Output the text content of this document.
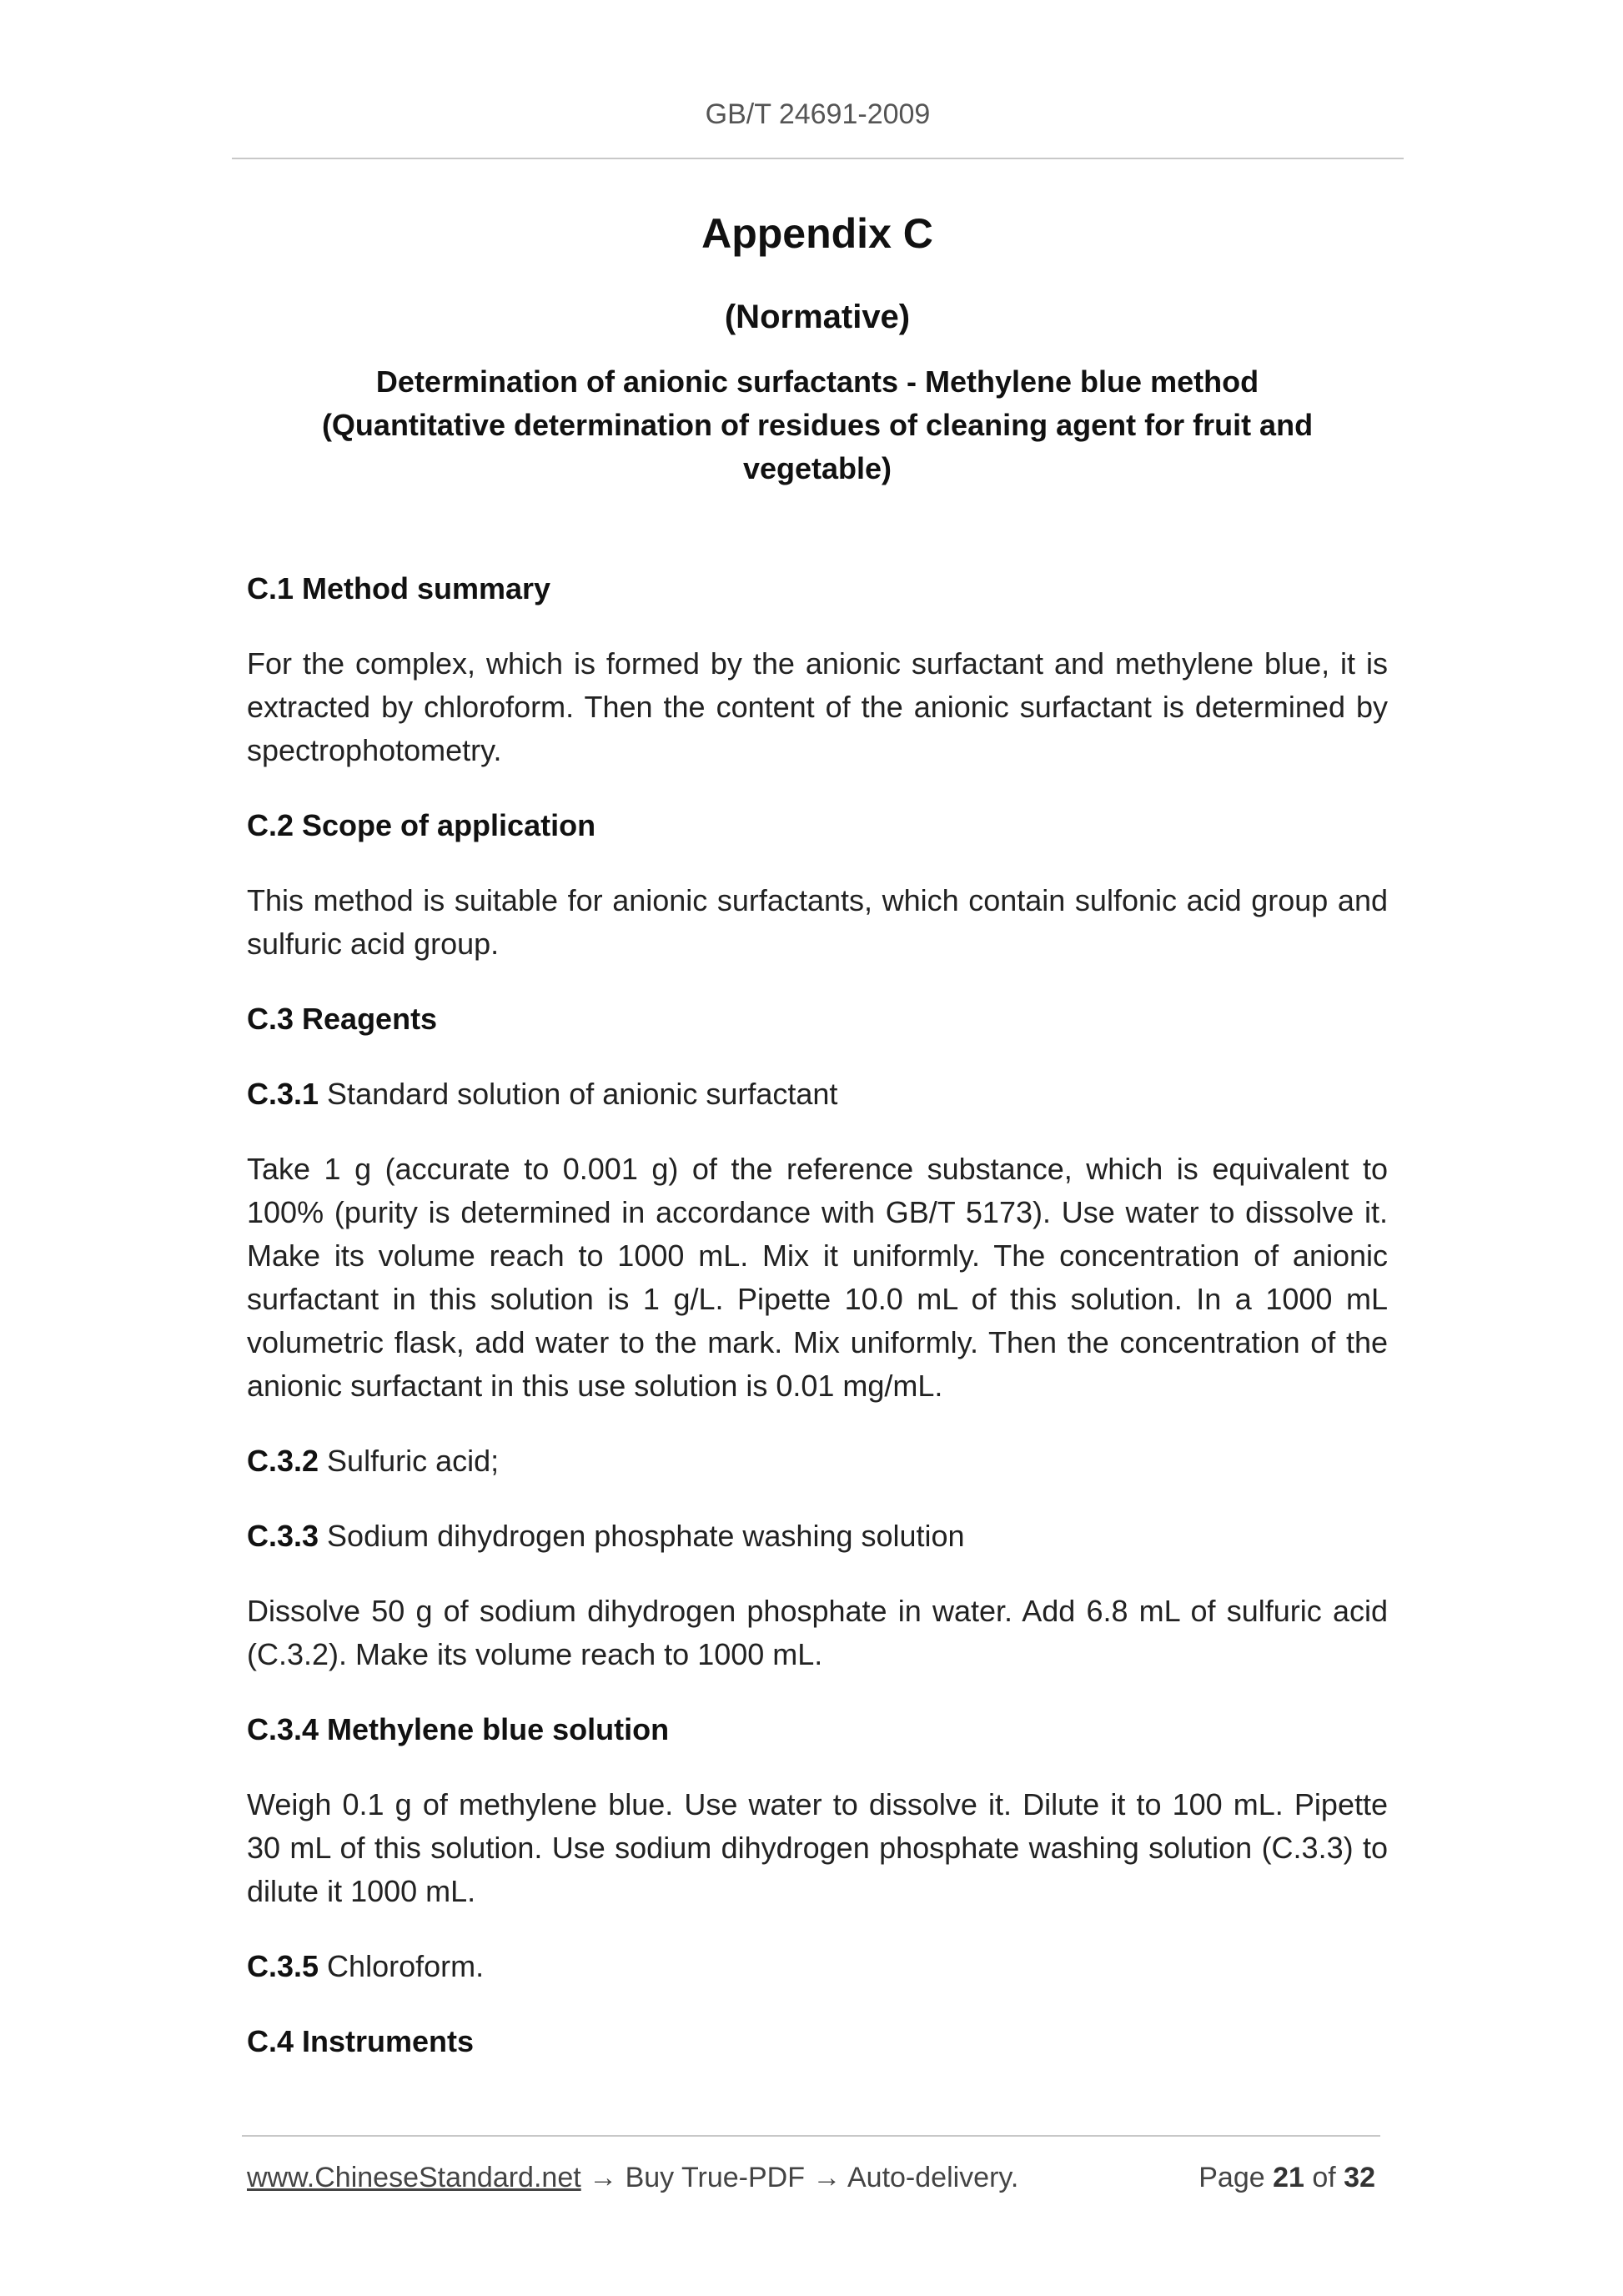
GB/T 24691-2009
Appendix C
(Normative)
Determination of anionic surfactants - Methylene blue method
(Quantitative determination of residues of cleaning agent for fruit and
vegetable)
C.1 Method summary

For the complex, which is formed by the anionic surfactant and methylene blue, it is extracted by chloroform. Then the content of the anionic surfactant is determined by spectrophotometry.

C.2 Scope of application

This method is suitable for anionic surfactants, which contain sulfonic acid group and sulfuric acid group.

C.3 Reagents

C.3.1 Standard solution of anionic surfactant

Take 1 g (accurate to 0.001 g) of the reference substance, which is equivalent to 100% (purity is determined in accordance with GB/T 5173). Use water to dissolve it. Make its volume reach to 1000 mL. Mix it uniformly. The concentration of anionic surfactant in this solution is 1 g/L. Pipette 10.0 mL of this solution. In a 1000 mL volumetric flask, add water to the mark. Mix uniformly. Then the concentration of the anionic surfactant in this use solution is 0.01 mg/mL.

C.3.2 Sulfuric acid;

C.3.3 Sodium dihydrogen phosphate washing solution

Dissolve 50 g of sodium dihydrogen phosphate in water. Add 6.8 mL of sulfuric acid (C.3.2). Make its volume reach to 1000 mL.

C.3.4 Methylene blue solution

Weigh 0.1 g of methylene blue. Use water to dissolve it. Dilute it to 100 mL. Pipette 30 mL of this solution. Use sodium dihydrogen phosphate washing solution (C.3.3) to dilute it 1000 mL.

C.3.5 Chloroform.

C.4 Instruments
www.ChineseStandard.net → Buy True-PDF → Auto-delivery.	Page 21 of 32
